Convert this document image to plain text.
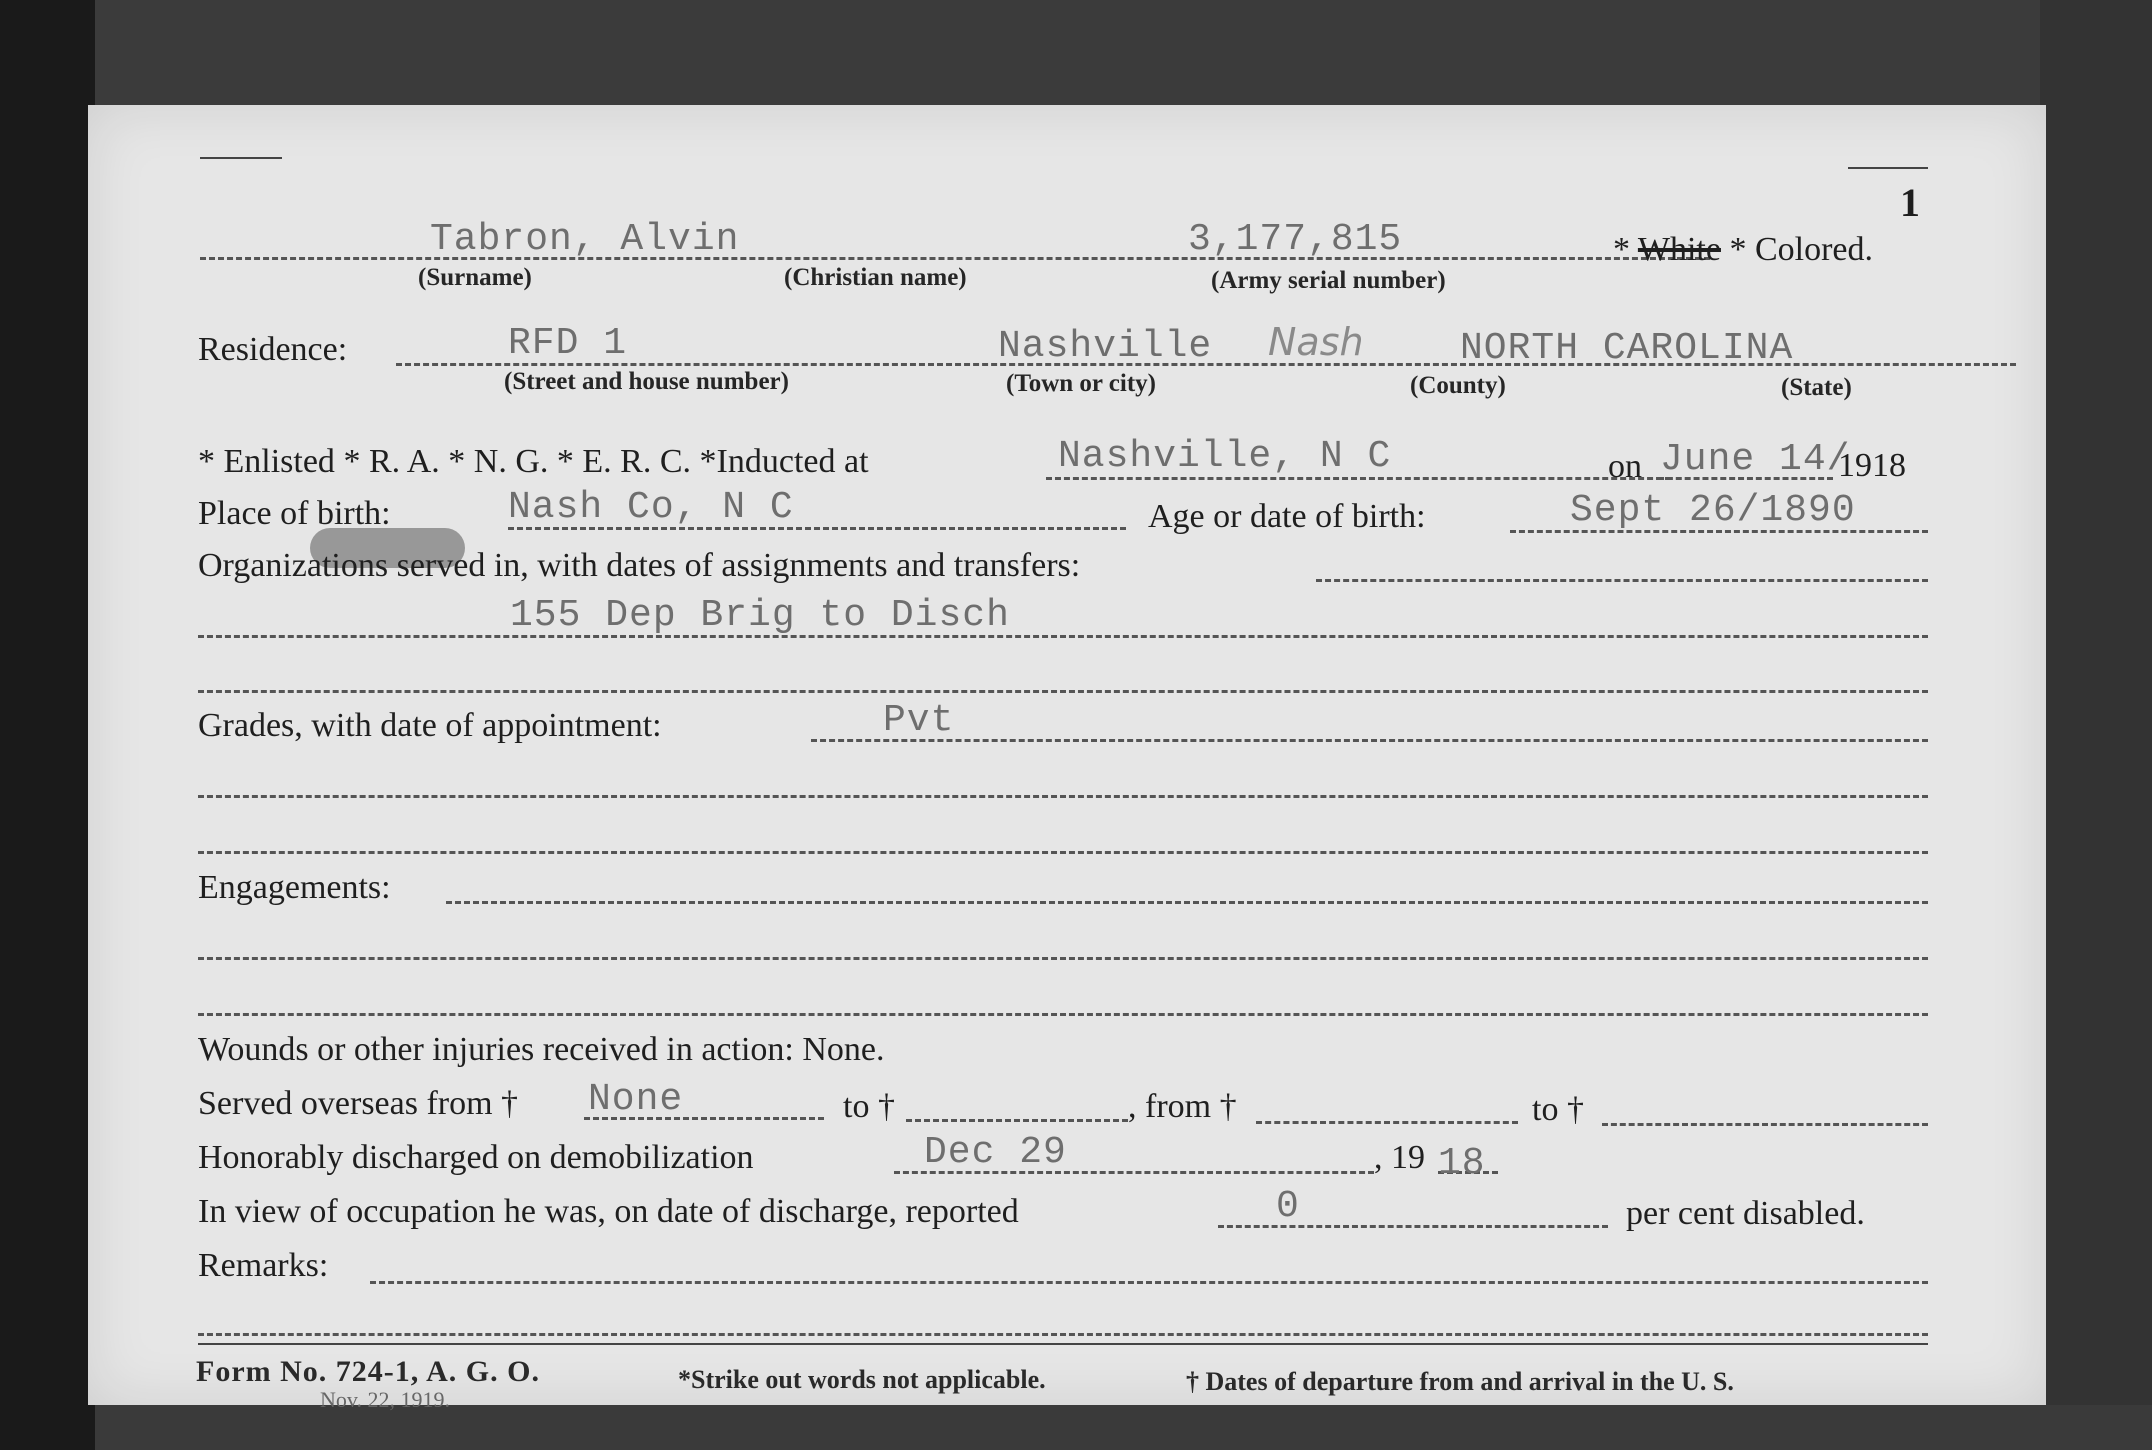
1
Tabron, Alvin	3,177,815	* White * Colored.
(Surname)	(Christian name)	(Army serial number)
Residence:	RFD 1	Nashville Nash	NORTH CAROLINA
(Street and house number)	(Town or city)	(County)	(State)
* Enlisted * R. A. * N. G. * E. R. C. *Inducted at	Nashville, N C	on June 14/
1918
Place of birth:	Nash Co, N C	Age or date of birth:	Sept 26/1890
Organizations served in, with dates of assignments and transfers:
155 Dep Brig to Disch
Grades, with date of appointment:	Pvt
Engagements:
Wounds or other injuries received in action: None.
Served overseas from † None	to †	, from †	to †
Honorably discharged on demobilization	Dec 29	, 19 18
In view of occupation he was, on date of discharge, reported	0	per cent disabled.
Remarks:
Form No. 724-1, A. G. O.
Nov. 22, 1919.
*Strike out words not applicable.	† Dates of departure from and arrival in the U. S.
